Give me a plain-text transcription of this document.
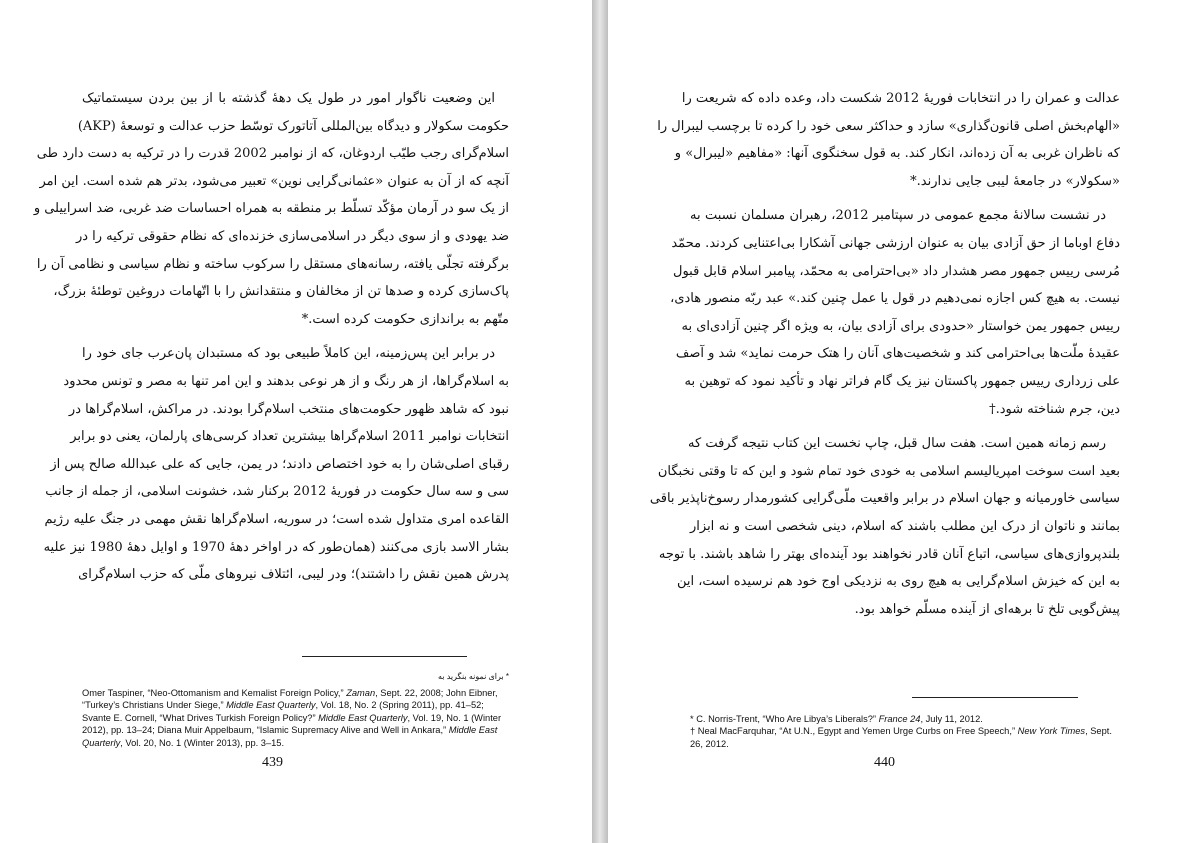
این وضعیت ناگوار امور در طول یک دههٔ گذشته با از بین بردن سیستماتیک
حکومت سکولار و دیدگاه بین‌المللی آتاتورک توسّط حزب عدالت و توسعهٔ (AKP)
اسلام‌گرای رجب طیّب اردوغان، که از نوامبر 2002 قدرت را در ترکیه به دست دارد طی
آنچه که از آن به عنوان «عثمانی‌گرایی نوین» تعبیر می‌شود، بدتر هم شده است. این امر
از یک سو در آرمان مؤکّد تسلّط بر منطقه به همراه احساسات ضد غربی، ضد اسراییلی و
ضد یهودی و از سوی دیگر در اسلامی‌سازی خزنده‌ای که نظام حقوقی ترکیه را در
برگرفته تجلّی یافته، رسانه‌های مستقل را سرکوب ساخته و نظام سیاسی و نظامی آن را
پاک‌سازی کرده و صدها تن از مخالفان و منتقدانش را با اتّهامات دروغین توطئهٔ بزرگ،
متّهم به براندازی حکومت کرده است.*
در برابر این پس‌زمینه، این کاملاً طبیعی بود که مستبدان پان‌عرب جای خود را
به اسلام‌گراها، از هر رنگ و از هر نوعی بدهند و این امر تنها به مصر و تونس محدود
نبود که شاهد ظهور حکومت‌های منتخب اسلام‌گرا بودند. در مراکش، اسلام‌گراها در
انتخابات نوامبر 2011 اسلام‌گراها بیشترین تعداد کرسی‌های پارلمان، یعنی دو برابر
رقبای اصلی‌شان را به خود اختصاص دادند؛ در یمن، جایی که علی عبدالله صالح پس از
سی و سه سال حکومت در فوریهٔ 2012 برکنار شد، خشونت اسلامی، از جمله از جانب
القاعده امری متداول شده است؛ در سوریه، اسلام‌گراها نقش مهمی در جنگ علیه رژیم
بشار الاسد بازی می‌کنند (همان‌طور که در اواخر دههٔ 1970 و اوایل دههٔ 1980 نیز علیه
پدرش همین نقش را داشتند)؛ ودر لیبی، ائتلاف نیروهای ملّی که حزب اسلام‌گرای
* برای نمونه بنگرید به
Omer Taspiner, “Neo-Ottomanism and Kemalist Foreign Policy,” Zaman, Sept. 22, 2008; John Eibner,
“Turkey’s Christians Under Siege,” Middle East Quarterly, Vol. 18, No. 2 (Spring 2011), pp. 41–52;
Svante E. Cornell, “What Drives Turkish Foreign Policy?” Middle East Quarterly, Vol. 19, No. 1 (Winter
2012), pp. 13–24; Diana Muir Appelbaum, “Islamic Supremacy Alive and Well in Ankara,” Middle East
Quarterly, Vol. 20, No. 1 (Winter 2013), pp. 3–15.
439
عدالت و عمران را در انتخابات فوریهٔ 2012 شکست داد، وعده داده که شریعت را
«الهام‌بخش اصلی قانون‌گذاری» سازد و حداکثر سعی خود را کرده تا برچسب لیبرال را
که ناظران غربی به آن زده‌اند، انکار کند. به قول سخنگوی آنها: «مفاهیم «لیبرال» و
«سکولار» در جامعهٔ لیبی جایی ندارند.*
در نشست سالانهٔ مجمع عمومی در سپتامبر 2012، رهبران مسلمان نسبت به
دفاع اوباما از حق آزادی بیان به عنوان ارزشی جهانی آشکارا بی‌اعتنایی کردند. محمّد
مُرسی رییس جمهور مصر هشدار داد «بی‌احترامی به محمّد، پیامبر اسلام قابل قبول
نیست. به هیچ کس اجازه نمی‌دهیم در قول یا عمل چنین کند.» عبد ربّه منصور هادی،
رییس جمهور یمن خواستار «حدودی برای آزادی بیان، به ویژه اگر چنین آزادی‌ای به
عقیدهٔ ملّت‌ها بی‌احترامی کند و شخصیت‌های آنان را هتک حرمت نماید» شد و آصف
علی زرداری رییس جمهور پاکستان نیز یک گام فراتر نهاد و تأکید نمود که توهین به
دین، جرم شناخته شود.†
رسم زمانه همین است. هفت سال قبل، چاپ نخست این کتاب نتیجه گرفت که
بعید است سوخت امپریالیسم اسلامی به خودی خود تمام شود و این که تا وقتی نخبگان
سیاسی خاورمیانه و جهان اسلام در برابر واقعیت ملّی‌گرایی کشورمدار رسوخ‌ناپذیر باقی
بمانند و ناتوان از درک این مطلب باشند که اسلام، دینی شخصی است و نه ابزار
بلندپروازی‌های سیاسی، اتباع آنان قادر نخواهند بود آینده‌ای بهتر را شاهد باشند. با توجه
به این که خیزش اسلام‌گرایی به هیچ روی به نزدیکی اوج خود هم نرسیده است، این
پیش‌گویی تلخ تا برهه‌ای از آینده مسلّم خواهد بود.
* C. Norris-Trent, “Who Are Libya’s Liberals?” France 24, July 11, 2012.
† Neal MacFarquhar, “At U.N., Egypt and Yemen Urge Curbs on Free Speech,” New York Times, Sept.
26, 2012.
440
